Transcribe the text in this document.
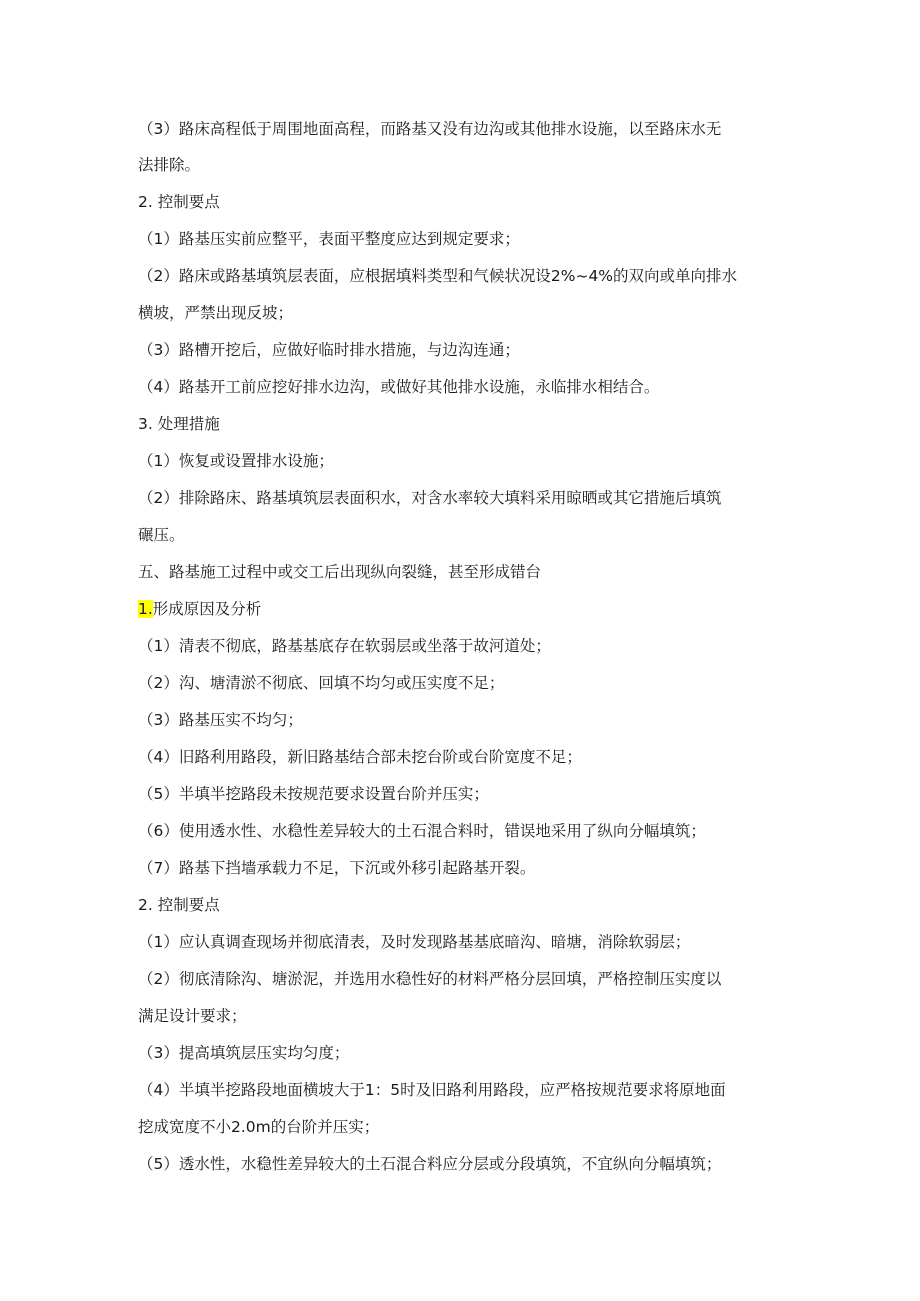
（3）路床高程低于周围地面高程，而路基又没有边沟或其他排水设施，以至路床水无
法排除。
2. 控制要点
（1）路基压实前应整平，表面平整度应达到规定要求；
（2）路床或路基填筑层表面，应根据填料类型和气候状况设2%~4%的双向或单向排水
横坡，严禁出现反坡；
（3）路槽开挖后，应做好临时排水措施，与边沟连通；
（4）路基开工前应挖好排水边沟，或做好其他排水设施，永临排水相结合。
3. 处理措施
（1）恢复或设置排水设施；
（2）排除路床、路基填筑层表面积水，对含水率较大填料采用晾晒或其它措施后填筑
碾压。
五、路基施工过程中或交工后出现纵向裂缝，甚至形成错台
1.形成原因及分析
（1）清表不彻底，路基基底存在软弱层或坐落于故河道处；
（2）沟、塘清淤不彻底、回填不均匀或压实度不足；
（3）路基压实不均匀；
（4）旧路利用路段，新旧路基结合部未挖台阶或台阶宽度不足；
（5）半填半挖路段未按规范要求设置台阶并压实；
（6）使用透水性、水稳性差异较大的土石混合料时，错误地采用了纵向分幅填筑；
（7）路基下挡墙承载力不足，下沉或外移引起路基开裂。
2. 控制要点
（1）应认真调查现场并彻底清表，及时发现路基基底暗沟、暗塘，消除软弱层；
（2）彻底清除沟、塘淤泥，并选用水稳性好的材料严格分层回填，严格控制压实度以
满足设计要求；
（3）提高填筑层压实均匀度；
（4）半填半挖路段地面横坡大于1：5时及旧路利用路段，应严格按规范要求将原地面
挖成宽度不小2.0m的台阶并压实；
（5）透水性，水稳性差异较大的土石混合料应分层或分段填筑，不宜纵向分幅填筑；
